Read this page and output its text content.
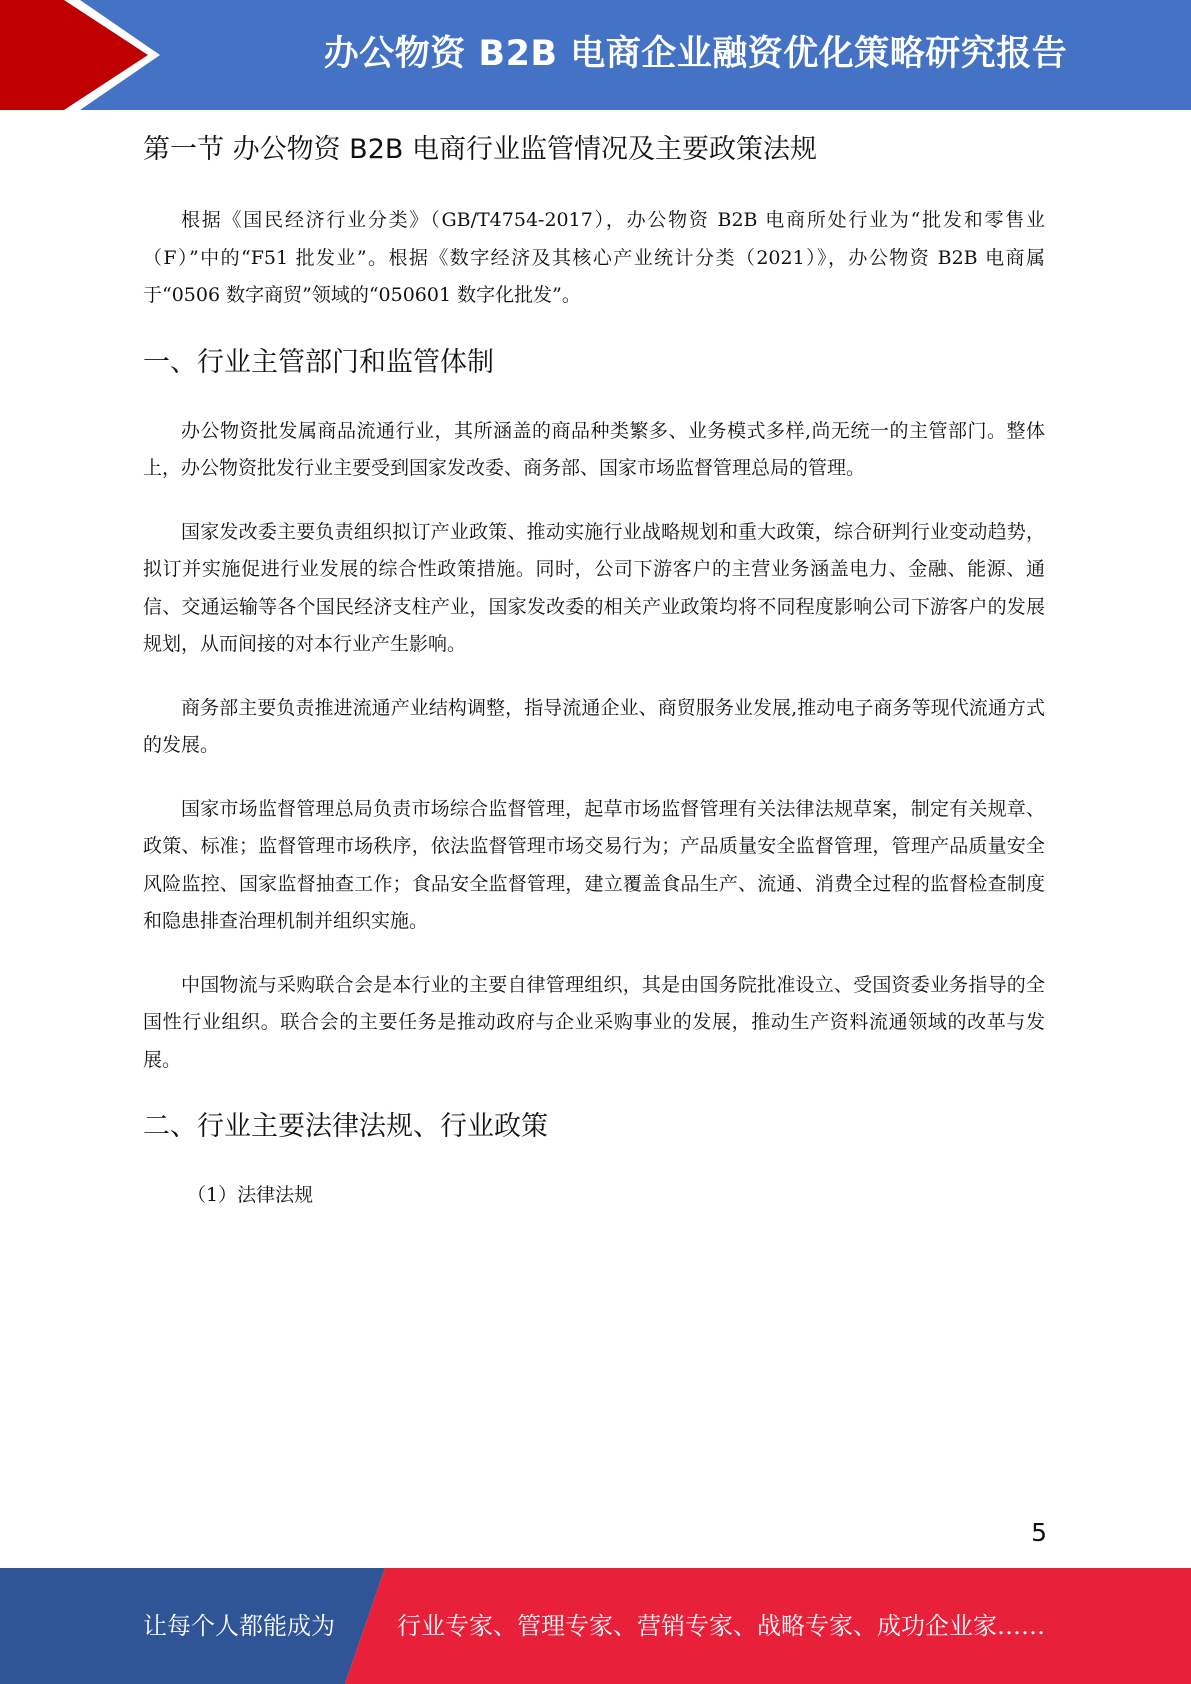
办公物资 B2B 电商企业融资优化策略研究报告
第一节 办公物资 B2B 电商行业监管情况及主要政策法规

根据《国民经济行业分类》（GB/T4754-2017），办公物资 B2B 电商所处行业为“批发和零售业（F）”中的“F51 批发业”。根据《数字经济及其核心产业统计分类（2021）》，办公物资 B2B 电商属于“0506 数字商贸”领域的“050601 数字化批发”。

一、行业主管部门和监管体制

办公物资批发属商品流通行业，其所涵盖的商品种类繁多、业务模式多样,尚无统一的主管部门。整体上，办公物资批发行业主要受到国家发改委、商务部、国家市场监督管理总局的管理。

国家发改委主要负责组织拟订产业政策、推动实施行业战略规划和重大政策，综合研判行业变动趋势，拟订并实施促进行业发展的综合性政策措施。同时，公司下游客户的主营业务涵盖电力、金融、能源、通信、交通运输等各个国民经济支柱产业，国家发改委的相关产业政策均将不同程度影响公司下游客户的发展规划，从而间接的对本行业产生影响。

商务部主要负责推进流通产业结构调整，指导流通企业、商贸服务业发展,推动电子商务等现代流通方式的发展。

国家市场监督管理总局负责市场综合监督管理，起草市场监督管理有关法律法规草案，制定有关规章、政策、标准；监督管理市场秩序，依法监督管理市场交易行为；产品质量安全监督管理，管理产品质量安全风险监控、国家监督抽查工作；食品安全监督管理，建立覆盖食品生产、流通、消费全过程的监督检查制度和隐患排查治理机制并组织实施。

中国物流与采购联合会是本行业的主要自律管理组织，其是由国务院批准设立、受国资委业务指导的全国性行业组织。联合会的主要任务是推动政府与企业采购事业的发展，推动生产资料流通领域的改革与发展。

二、行业主要法律法规、行业政策

（1）法律法规

5
让每个人都能成为	行业专家、管理专家、营销专家、战略专家、成功企业家……
